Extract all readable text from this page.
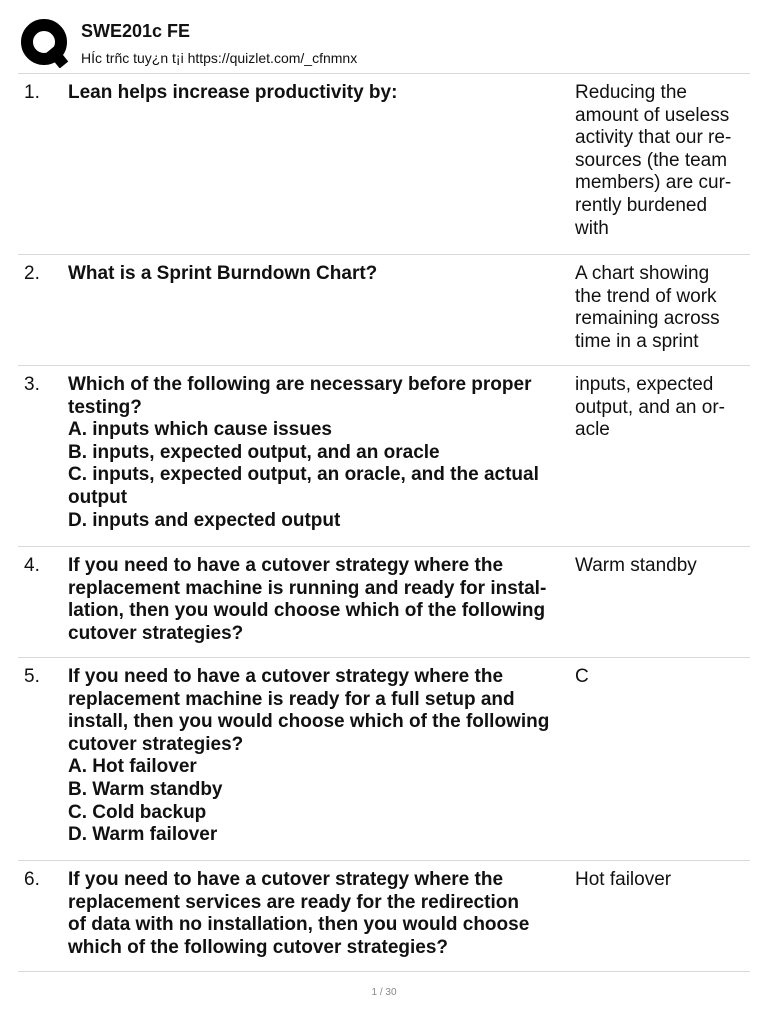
SWE201c FE
HÍc trñc tuy¿n t¡i https://quizlet.com/_cfnmnx
1. Lean helps increase productivity by:	Reducing the
amount of useless
activity that our re-
sources (the team
members) are cur-
rently burdened
with
2. What is a Sprint Burndown Chart?	A chart showing
the trend of work
remaining across
time in a sprint
3. Which of the following are necessary before proper
testing?
A. inputs which cause issues
B. inputs, expected output, and an oracle
C. inputs, expected output, an oracle, and the actual
output
D. inputs and expected output
inputs, expected
output, and an or-
acle
4. If you need to have a cutover strategy where the
replacement machine is running and ready for instal-
lation, then you would choose which of the following
cutover strategies?
Warm standby
5. If you need to have a cutover strategy where the
replacement machine is ready for a full setup and
install, then you would choose which of the following
cutover strategies?
A. Hot failover
B. Warm standby
C. Cold backup
D. Warm failover
C
6. If you need to have a cutover strategy where the
replacement services are ready for the redirection
of data with no installation, then you would choose
which of the following cutover strategies?
Hot failover
1 / 30
